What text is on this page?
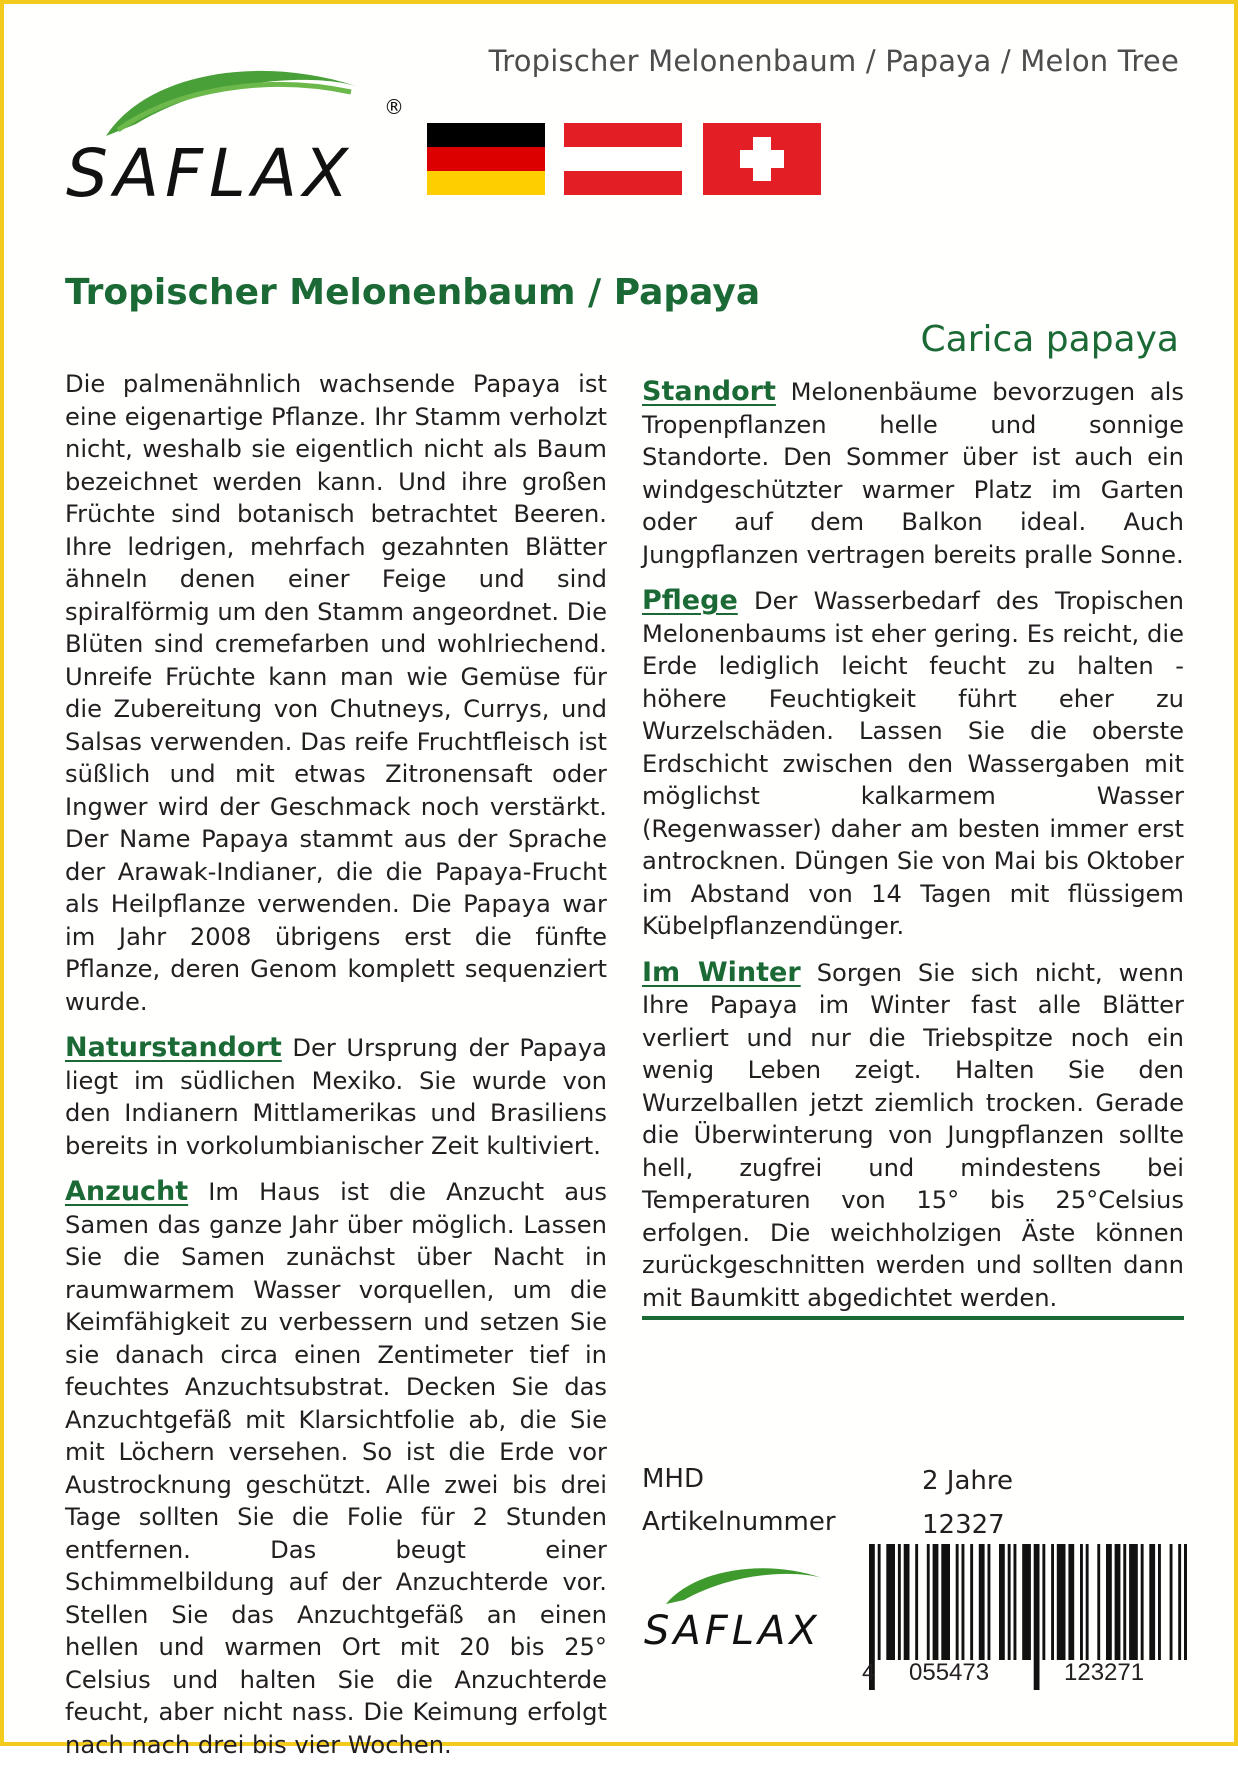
SAFLAX
®
Tropischer Melonenbaum / Papaya / Melon Tree
Tropischer Melonenbaum / Papaya
Carica papaya

Die palmenähnlich wachsende Papaya ist eine eigenartige Pflanze. Ihr Stamm verholzt nicht, weshalb sie eigentlich nicht als Baum bezeichnet werden kann. Und ihre großen Früchte sind botanisch betrachtet Beeren. Ihre ledrigen, mehrfach gezahnten Blätter ähneln denen einer Feige und sind spiralförmig um den Stamm angeordnet. Die Blüten sind cremefarben und wohlriechend. Unreife Früchte kann man wie Gemüse für die Zubereitung von Chutneys, Currys, und Salsas verwenden. Das reife Fruchtfleisch ist süßlich und mit etwas Zitronensaft oder Ingwer wird der Geschmack noch verstärkt. Der Name Papaya stammt aus der Sprache der Arawak-Indianer, die die Papaya-Frucht als Heilpflanze verwenden. Die Papaya war im Jahr 2008 übrigens erst die fünfte Pflanze, deren Genom komplett sequenziert wurde.

Naturstandort Der Ursprung der Papaya liegt im südlichen Mexiko. Sie wurde von den Indianern Mittlamerikas und Brasiliens bereits in vorkolumbianischer Zeit kultiviert.

Anzucht Im Haus ist die Anzucht aus Samen das ganze Jahr über möglich. Lassen Sie die Samen zunächst über Nacht in raumwarmem Wasser vorquellen, um die Keimfähigkeit zu verbessern und setzen Sie sie danach circa einen Zentimeter tief in feuchtes Anzuchtsubstrat. Decken Sie das Anzuchtgefäß mit Klarsichtfolie ab, die Sie mit Löchern versehen. So ist die Erde vor Austrocknung geschützt. Alle zwei bis drei Tage sollten Sie die Folie für 2 Stunden entfernen. Das beugt einer Schimmelbildung auf der Anzuchterde vor. Stellen Sie das Anzuchtgefäß an einen hellen und warmen Ort mit 20 bis 25° Celsius und halten Sie die Anzuchterde feucht, aber nicht nass. Die Keimung erfolgt nach nach drei bis vier Wochen.

Standort Melonenbäume bevorzugen als Tropenpflanzen helle und sonnige Standorte. Den Sommer über ist auch ein windgeschützter warmer Platz im Garten oder auf dem Balkon ideal. Auch Jungpflanzen vertragen bereits pralle Sonne.

Pflege Der Wasserbedarf des Tropischen Melonenbaums ist eher gering. Es reicht, die Erde lediglich leicht feucht zu halten - höhere Feuchtigkeit führt eher zu Wurzelschäden. Lassen Sie die oberste Erdschicht zwischen den Wassergaben mit möglichst kalkarmem Wasser (Regenwasser) daher am besten immer erst antrocknen. Düngen Sie von Mai bis Oktober im Abstand von 14 Tagen mit flüssigem Kübelpflanzendünger.

Im Winter Sorgen Sie sich nicht, wenn Ihre Papaya im Winter fast alle Blätter verliert und nur die Triebspitze noch ein wenig Leben zeigt. Halten Sie den Wurzelballen jetzt ziemlich trocken. Gerade die Überwinterung von Jungpflanzen sollte hell, zugfrei und mindestens bei Temperaturen von 15° bis 25°Celsius erfolgen. Die weichholzigen Äste können zurückgeschnitten werden und sollten dann mit Baumkitt abgedichtet werden.

MHD	2 Jahre
Artikelnummer	12327
SAFLAX
4 055473	123271
